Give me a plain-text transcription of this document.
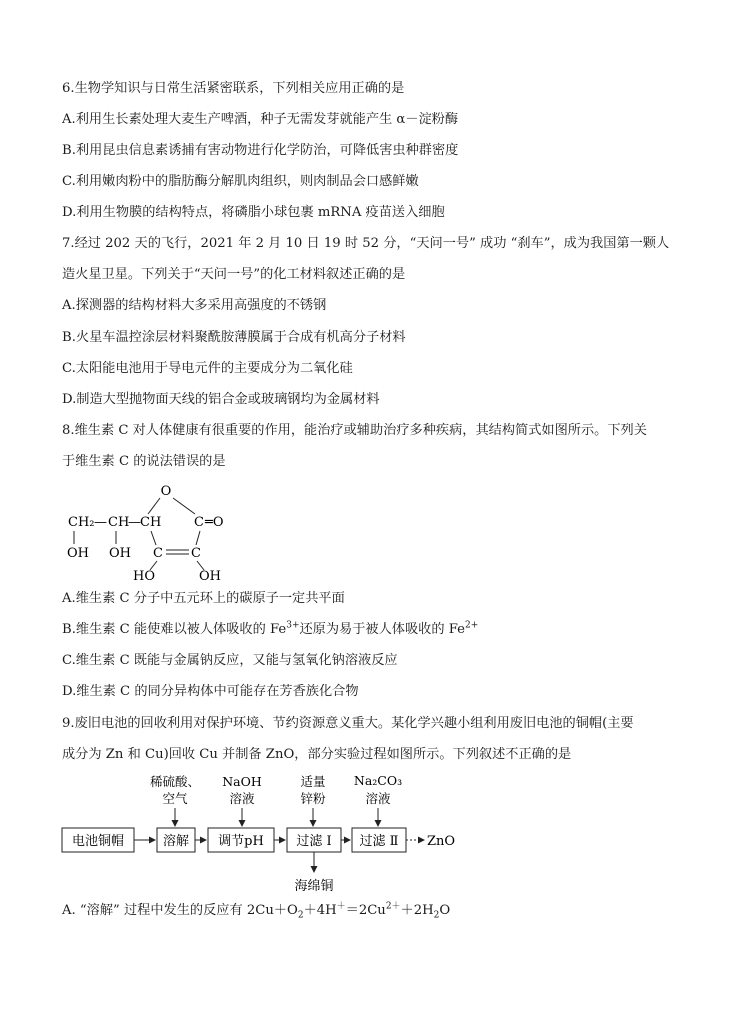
6.生物学知识与日常生活紧密联系，下列相关应用正确的是
A.利用生长素处理大麦生产啤酒，种子无需发芽就能产生 α－淀粉酶
B.利用昆虫信息素诱捕有害动物进行化学防治，可降低害虫种群密度
C.利用嫩肉粉中的脂肪酶分解肌肉组织，则肉制品会口感鲜嫩
D.利用生物膜的结构特点，将磷脂小球包裹 mRNA 疫苗送入细胞
7.经过 202 天的飞行，2021 年 2 月 10 日 19 时 52 分，“天问一号” 成功 “刹车”，成为我国第一颗人
造火星卫星。下列关于“天问一号”的化工材料叙述正确的是
A.探测器的结构材料大多采用高强度的不锈钢
B.火星车温控涂层材料聚酰胺薄膜属于合成有机高分子材料
C.太阳能电池用于导电元件的主要成分为二氧化硅
D.制造大型抛物面天线的铝合金或玻璃钢均为金属材料
8.维生素 C 对人体健康有很重要的作用，能治疗或辅助治疗多种疾病，其结构简式如图所示。下列关
于维生素 C 的说法错误的是
O
CH₂ — CH
— CH	C ═O
OH OH C C
HO	OH
A.维生素 C 分子中五元环上的碳原子一定共平面
B.维生素 C 能使难以被人体吸收的 $Fe^{3+}$还原为易于被人体吸收的 $Fe^{2+}$
C.维生素 C 既能与金属钠反应，又能与氢氧化钠溶液反应
D.维生素 C 的同分异构体中可能存在芳香族化合物
9.废旧电池的回收利用对保护环境、节约资源意义重大。某化学兴趣小组利用废旧电池的铜帽(主要
成分为 Zn 和 Cu)回收 Cu 并制备 ZnO，部分实验过程如图所示。下列叙述不正确的是
稀硫酸、
空气
NaOH
溶液
适量
锌粉
Na₂CO₃
溶液
电池铜帽	溶解 调节pH	过滤 Ⅰ 过滤 Ⅱ ZnO
海绵铜
A. “溶解” 过程中发生的反应有 $2Cu+O_2+4H^+=2Cu^{2+}+2H_2O$
